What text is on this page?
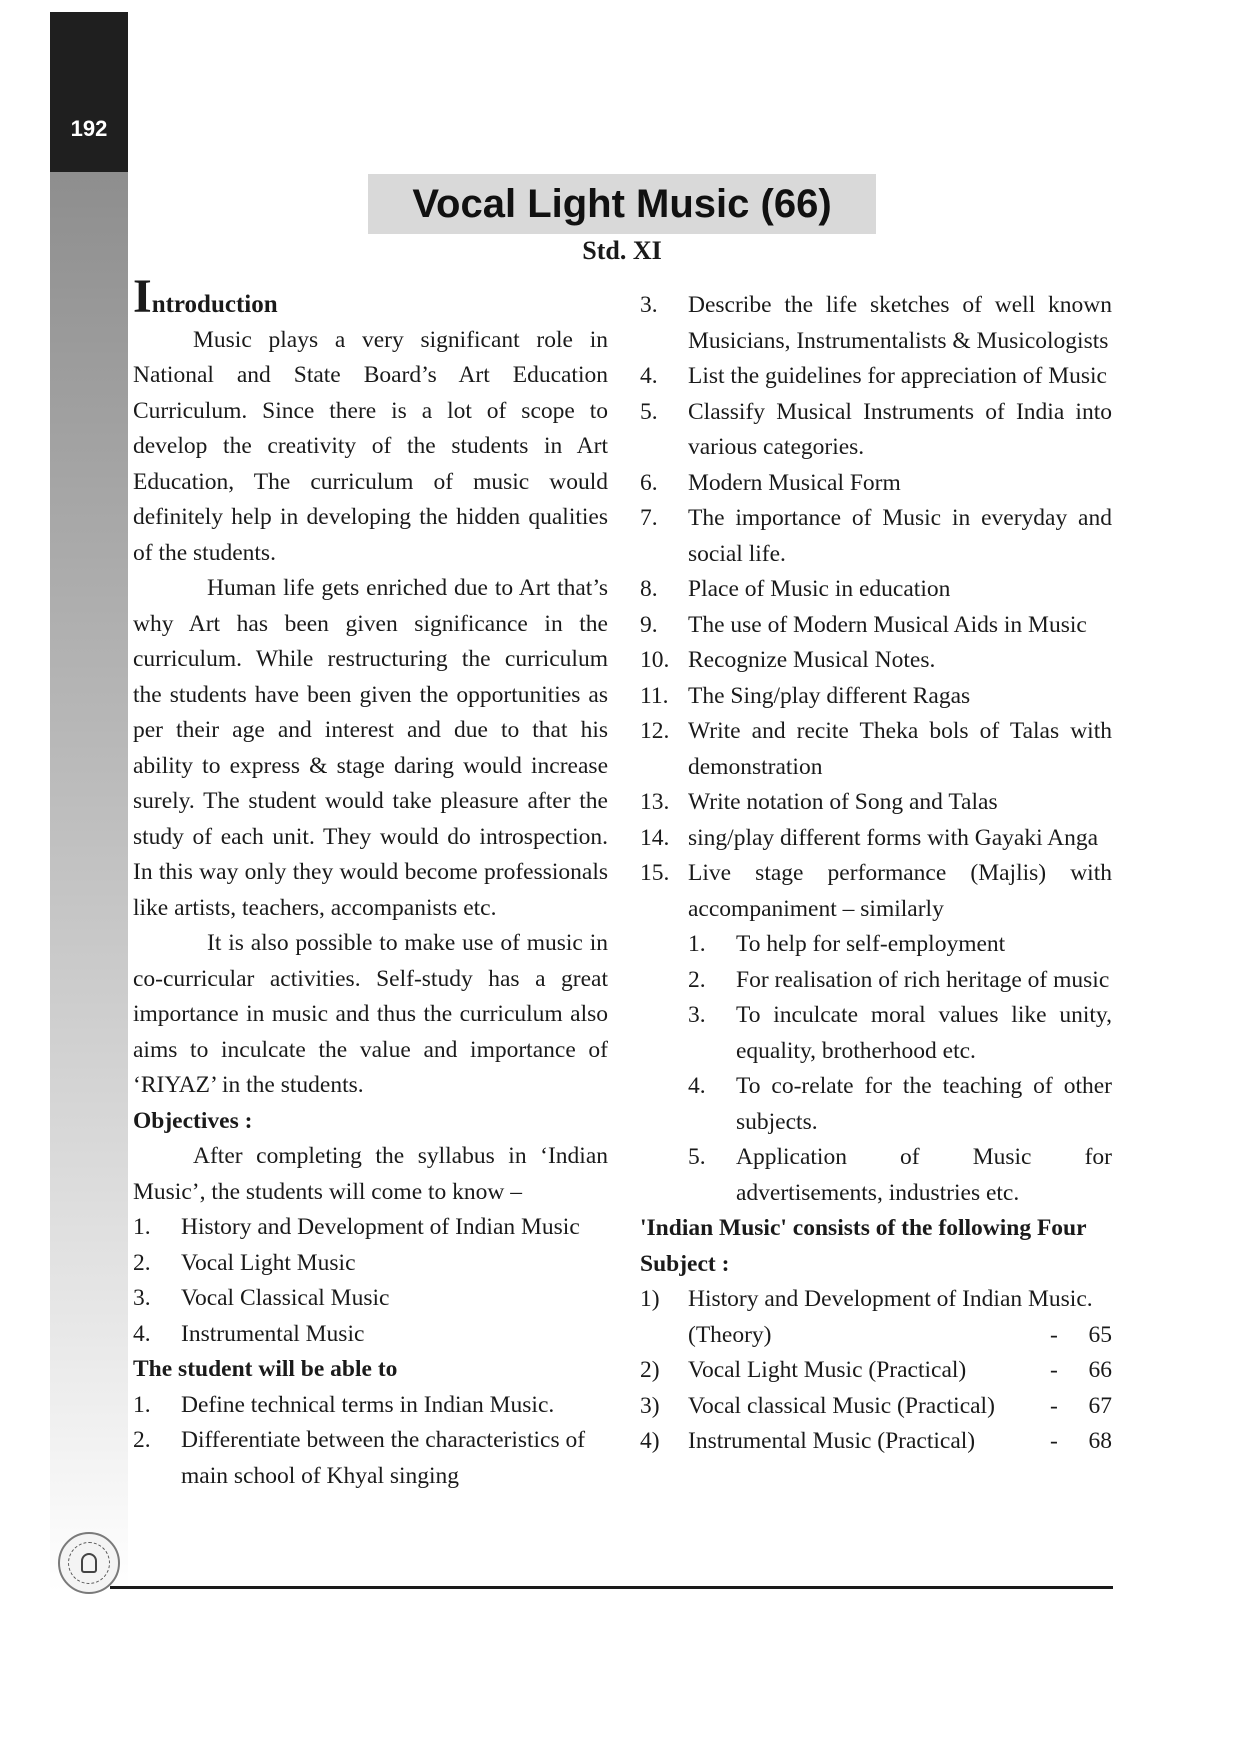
192
Vocal Light Music (66)
Std. XI
Introduction

Music plays a very significant role in National and State Board’s Art Education Curriculum. Since there is a lot of scope to develop the creativity of the students in Art Education, The curriculum of music would definitely help in developing the hidden qualities of the students.

Human life gets enriched due to Art that’s why Art has been given significance in the curriculum. While restructuring the curriculum the students have been given the opportunities as per their age and interest and due to that his ability to express & stage daring would increase surely. The student would take pleasure after the study of each unit. They would do introspection. In this way only they would become professionals like artists, teachers, accompanists etc.

It is also possible to make use of music in co-curricular activities. Self-study has a great importance in music and thus the curriculum also aims to inculcate the value and importance of ‘RIYAZ’ in the students.

Objectives :

After completing the syllabus in ‘Indian Music’, the students will come to know –

1.	History and Development of Indian Music
2.	Vocal Light Music
3.	Vocal Classical Music
4.	Instrumental Music
The student will be able to
1.	Define technical terms in Indian Music.
2.	Differentiate between the characteristics of main school of Khyal singing
3.	Describe the life sketches of well known Musicians, Instrumentalists & Musicologists
4.	List the guidelines for appreciation of Music
5.	Classify Musical Instruments of India into various categories.
6.	Modern Musical Form
7.	The importance of Music in everyday and social life.
8.	Place of Music in education
9.	The use of Modern Musical Aids in Music
10. Recognize Musical Notes.
11. The Sing/play different Ragas
12. Write and recite Theka bols of Talas with demonstration
13. Write notation of Song and Talas
14. sing/play different forms with Gayaki Anga
15. Live stage performance (Majlis) with accompaniment – similarly
1.	To help for self-employment
2.	For realisation of rich heritage of music
3.	To inculcate moral values like unity, equality, brotherhood etc.
4.	To co-relate for the teaching of other subjects.
5.	Application of Music for advertisements, industries etc.
'Indian Music' consists of the following Four Subject :
1)	History and Development of Indian Music.
(Theory)	-	65
2)	Vocal Light Music (Practical)	-	66
3)	Vocal classical Music (Practical)	-	67
4)	Instrumental Music (Practical)	-	68
